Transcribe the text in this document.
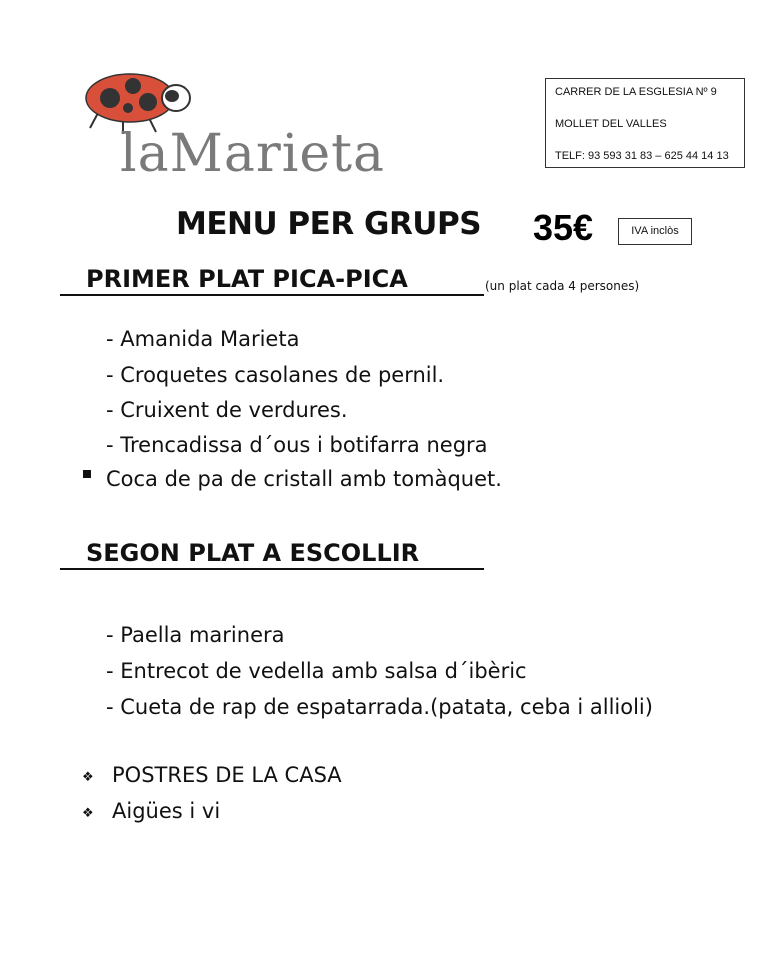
laMarieta
CARRER DE LA ESGLESIA Nº 9
MOLLET DEL VALLES
TELF: 93 593 31 83 – 625 44 14 13
MENU PER GRUPS 35€	IVA inclòs
PRIMER PLAT PICA-PICA	(un plat cada 4 persones)
- Amanida Marieta
- Croquetes casolanes de pernil.
- Cruixent de verdures.
- Trencadissa d´ous i botifarra negra
Coca de pa de cristall amb tomàquet.
SEGON PLAT A ESCOLLIR
- Paella marinera
- Entrecot de vedella amb salsa d´ibèric
- Cueta de rap de espatarrada.(patata, ceba i allioli)
❖ POSTRES DE LA CASA
❖ Aigües i vi
